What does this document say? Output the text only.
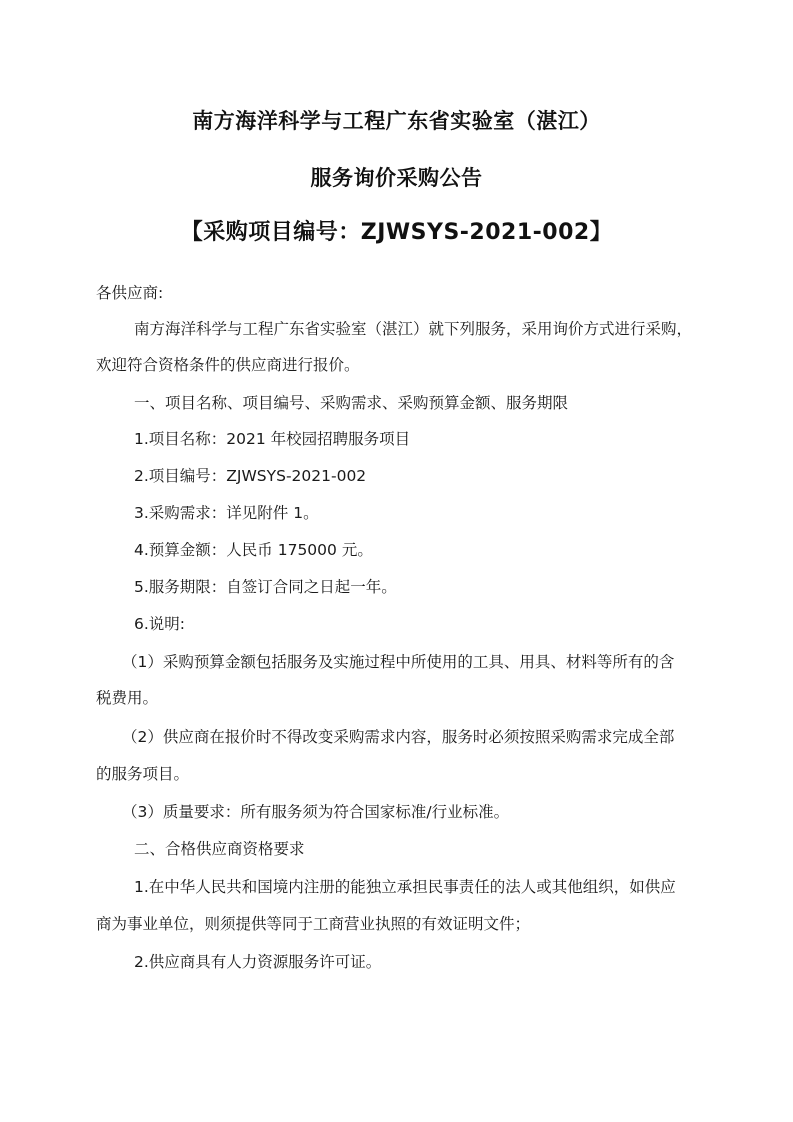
南方海洋科学与工程广东省实验室（湛江）
服务询价采购公告
【采购项目编号：ZJWSYS-2021-002】
各供应商:
南方海洋科学与工程广东省实验室（湛江）就下列服务，采用询价方式进行采购，
欢迎符合资格条件的供应商进行报价。
一、项目名称、项目编号、采购需求、采购预算金额、服务期限
1.项目名称：2021 年校园招聘服务项目
2.项目编号：ZJWSYS-2021-002
3.采购需求：详见附件 1。
4.预算金额：人民币 175000 元。
5.服务期限：自签订合同之日起一年。
6.说明:
（1）采购预算金额包括服务及实施过程中所使用的工具、用具、材料等所有的含
税费用。
（2）供应商在报价时不得改变采购需求内容，服务时必须按照采购需求完成全部
的服务项目。
（3）质量要求：所有服务须为符合国家标准/行业标准。
二、合格供应商资格要求
1.在中华人民共和国境内注册的能独立承担民事责任的法人或其他组织，如供应
商为事业单位，则须提供等同于工商营业执照的有效证明文件；
2.供应商具有人力资源服务许可证。
